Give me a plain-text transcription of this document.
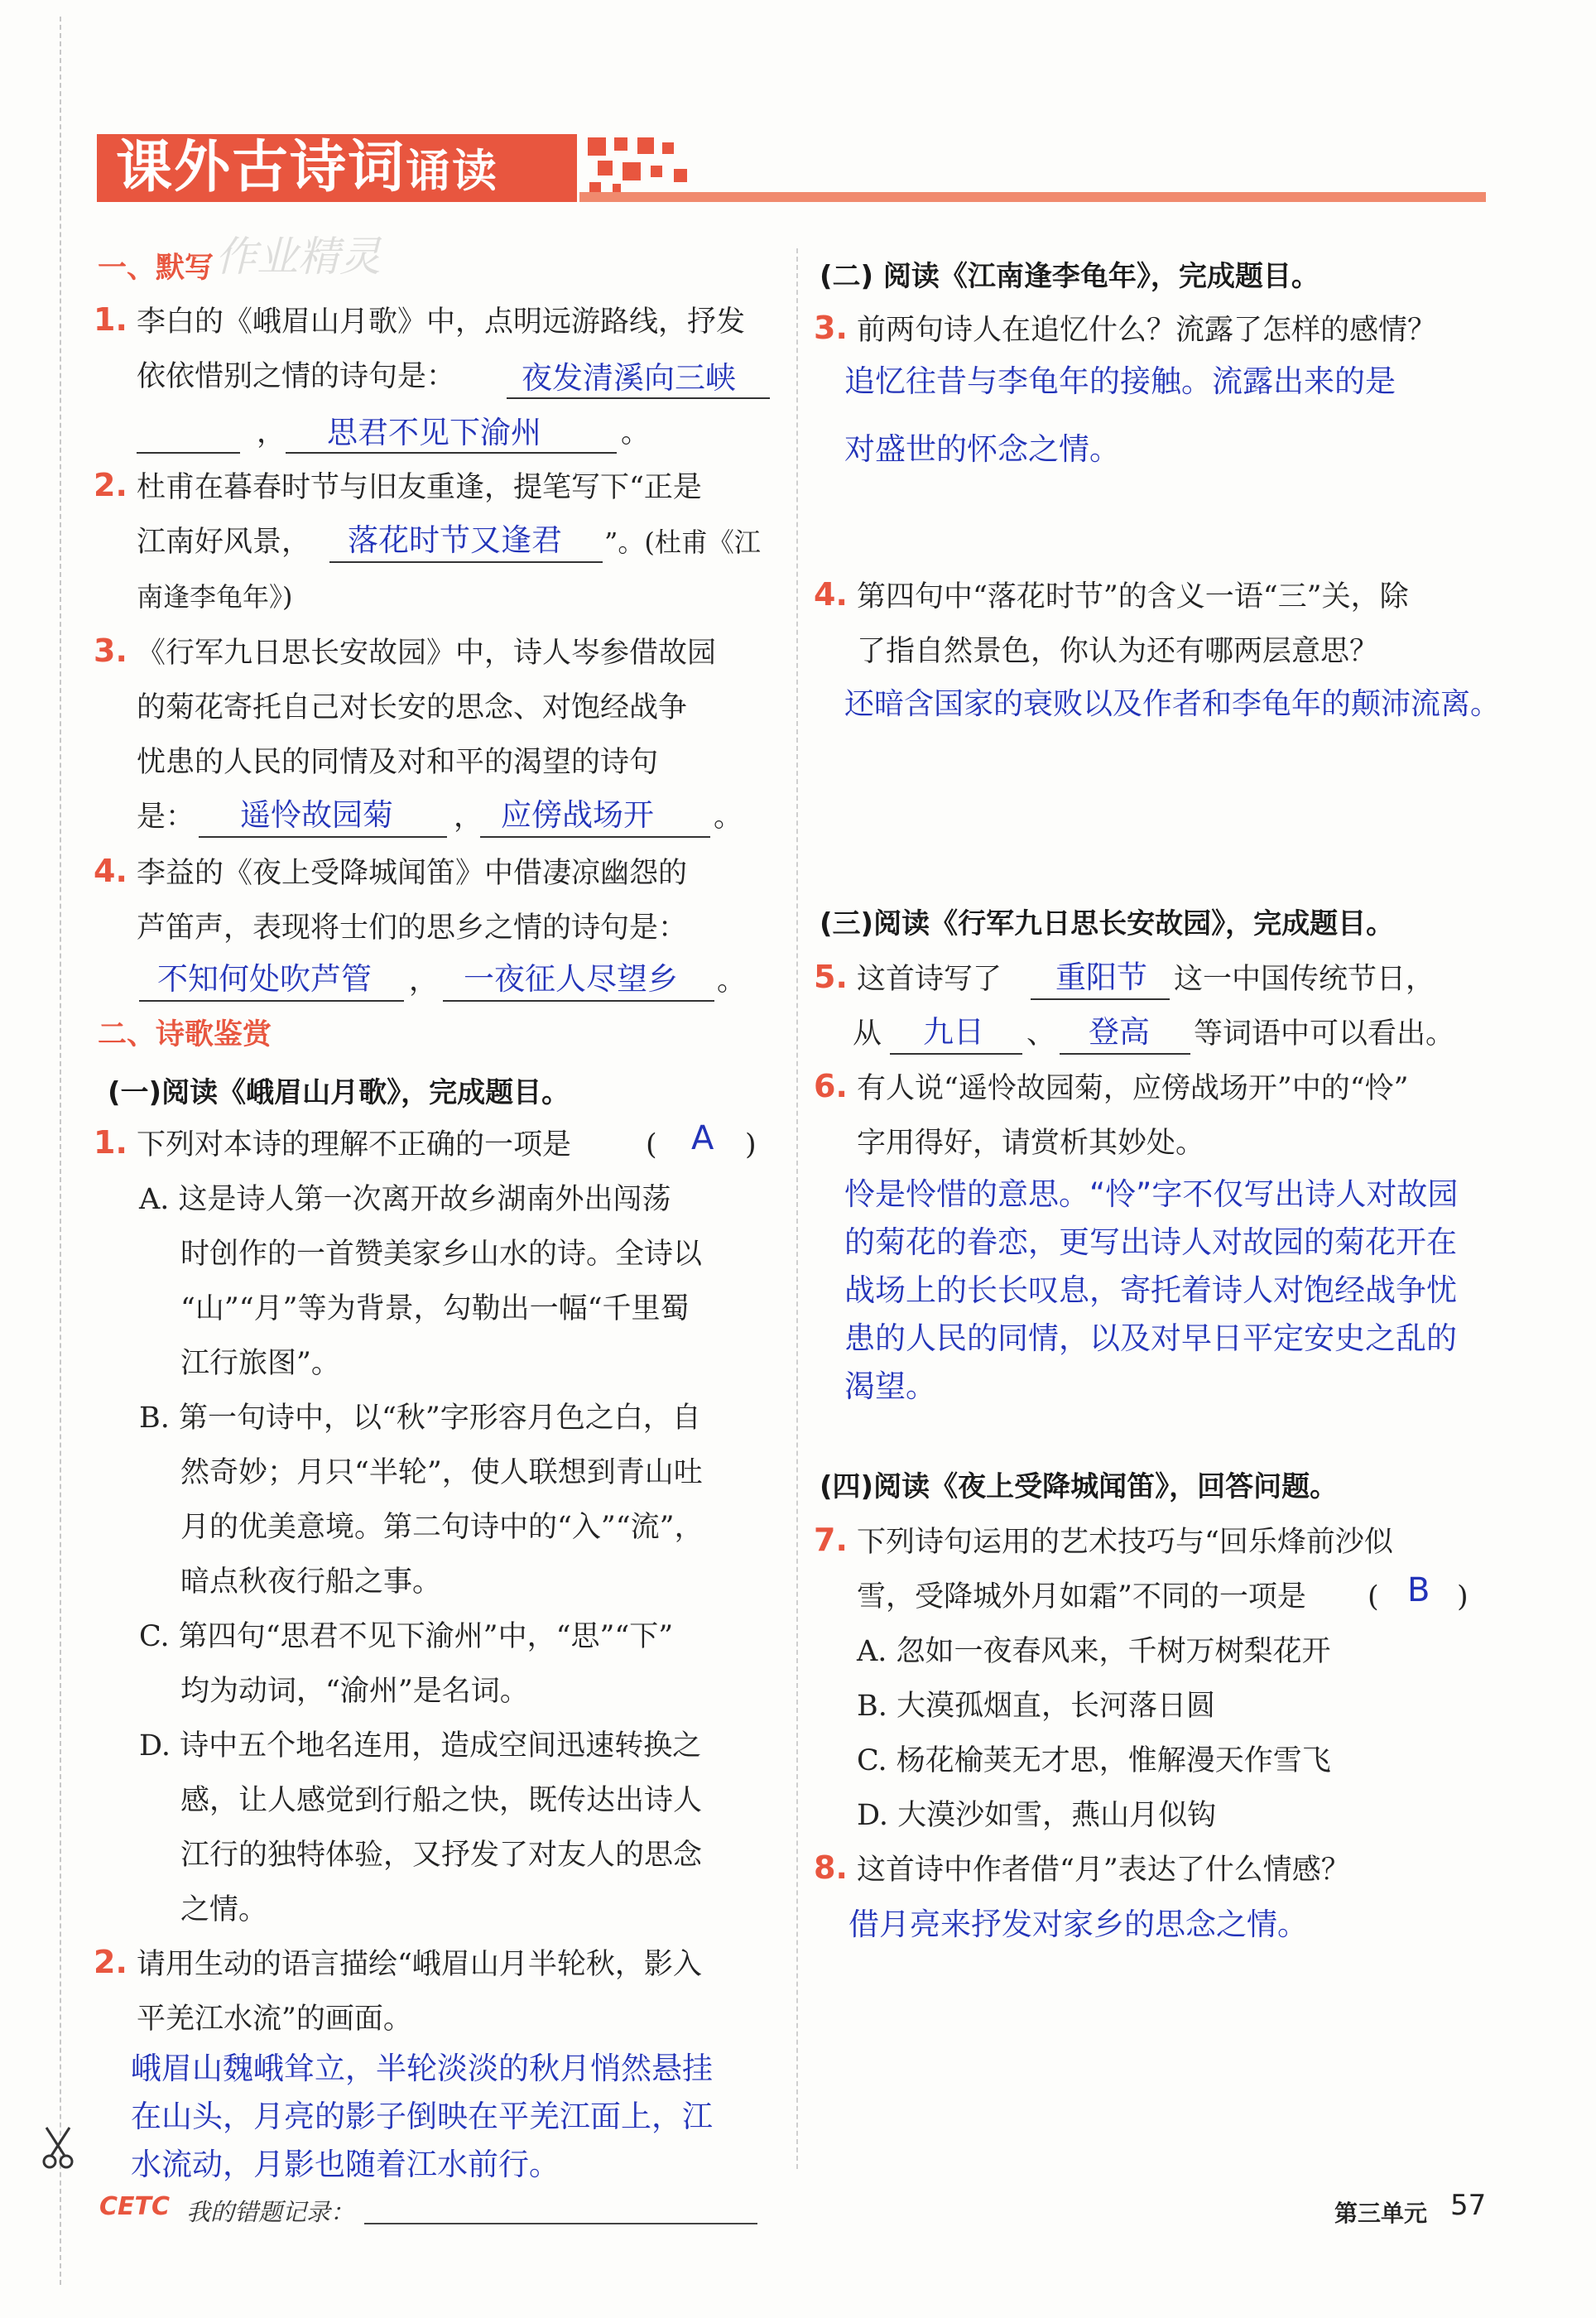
课外古诗词诵读
作业精灵
一、默写
1. 李白的《峨眉山月歌》中，点明远游路线，抒发
依依惜别之情的诗句是： 夜发清溪向三峡
， 思君不见下渝州	。
2. 杜甫在暮春时节与旧友重逢，提笔写下“正是
江南好风景， 落花时节又逢君 ”。(杜甫《江
南逢李龟年》)
3. 《行军九日思长安故园》中，诗人岑参借故园
的菊花寄托自己对长安的思念、对饱经战争
忧患的人民的同情及对和平的渴望的诗句
是： 遥怜故园菊 ， 应傍战场开 。
4. 李益的《夜上受降城闻笛》中借凄凉幽怨的
芦笛声，表现将士们的思乡之情的诗句是：
不知何处吹芦管 ， 一夜征人尽望乡 。
二、诗歌鉴赏
(一)阅读《峨眉山月歌》，完成题目。
1. 下列对本诗的理解不正确的一项是	( A )
A. 这是诗人第一次离开故乡湖南外出闯荡
时创作的一首赞美家乡山水的诗。全诗以
“山”“月”等为背景，勾勒出一幅“千里蜀
江行旅图”。
B. 第一句诗中，以“秋”字形容月色之白，自
然奇妙；月只“半轮”，使人联想到青山吐
月的优美意境。第二句诗中的“入”“流”，
暗点秋夜行船之事。
C. 第四句“思君不见下渝州”中，“思”“下”
均为动词，“渝州”是名词。
D. 诗中五个地名连用，造成空间迅速转换之
感，让人感觉到行船之快，既传达出诗人
江行的独特体验，又抒发了对友人的思念
之情。
2. 请用生动的语言描绘“峨眉山月半轮秋，影入
平羌江水流”的画面。
峨眉山魏峨耸立，半轮淡淡的秋月悄然悬挂
在山头，月亮的影子倒映在平羌江面上，江
水流动，月影也随着江水前行。
(二) 阅读《江南逢李龟年》，完成题目。
3. 前两句诗人在追忆什么？流露了怎样的感情？
追忆往昔与李龟年的接触。流露出来的是
对盛世的怀念之情。
4. 第四句中“落花时节”的含义一语“三”关，除
了指自然景色，你认为还有哪两层意思？
还暗含国家的衰败以及作者和李龟年的颠沛流离。
(三)阅读《行军九日思长安故园》，完成题目。
5. 这首诗写了 重阳节 这一中国传统节日，
从 九日 、 登高 等词语中可以看出。
6. 有人说“遥怜故园菊，应傍战场开”中的“怜”
字用得好，请赏析其妙处。
怜是怜惜的意思。“怜”字不仅写出诗人对故园
的菊花的眷恋，更写出诗人对故园的菊花开在
战场上的长长叹息，寄托着诗人对饱经战争忧
患的人民的同情，以及对早日平定安史之乱的
渴望。
(四)阅读《夜上受降城闻笛》，回答问题。
7. 下列诗句运用的艺术技巧与“回乐烽前沙似
雪，受降城外月如霜”不同的一项是 ( B )
A. 忽如一夜春风来，千树万树梨花开
B. 大漠孤烟直，长河落日圆
C. 杨花榆荚无才思，惟解漫天作雪飞
D. 大漠沙如雪，燕山月似钩
8. 这首诗中作者借“月”表达了什么情感？
借月亮来抒发对家乡的思念之情。
CETC 我的错题记录：	第三单元 57
